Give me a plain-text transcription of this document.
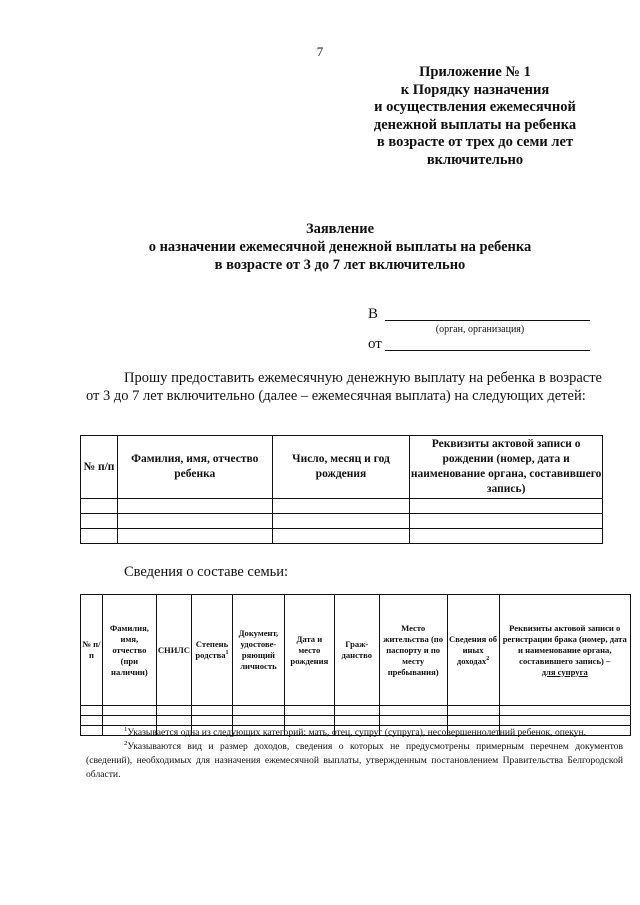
7
Приложение № 1
к Порядку назначения
и осуществления ежемесячной
денежной выплаты на ребенка
в возрасте от трех до семи лет
включительно
Заявление
о назначении ежемесячной денежной выплаты на ребенка
в возрасте от 3 до 7 лет включительно
В
(орган, организация)
от
Прошу предоставить ежемесячную денежную выплату на ребенка в возрасте от 3 до 7 лет включительно (далее – ежемесячная выплата) на следующих детей:
№ п/п	Фамилия, имя, отчество ребенка	Число, месяц и год рождения	Реквизиты актовой записи о рождении (номер, дата и наименование органа, составившего запись)

Сведения о составе семьи:
№ п/п	Фамилия, имя, отчество (при наличии)	СНИЛС	Степень родства$^1$	Документ, удостове-ряющий личность	Дата и место рождения	Граж-данство	Место жительства (по паспорту и по месту пребывания)	Сведения об иных доходах$^2$	Реквизиты актовой записи о регистрации брака (номер, дата и наименование органа, составившего запись) –
для супруга

$^1$Указывается одна из следующих категорий: мать, отец, супруг (супруга), несовершеннолетний ребенок, опекун.
$^2$Указываются вид и размер доходов, сведения о которых не предусмотрены примерным перечнем документов (сведений), необходимых для назначения ежемесячной выплаты, утвержденным постановлением Правительства Белгородской области.
